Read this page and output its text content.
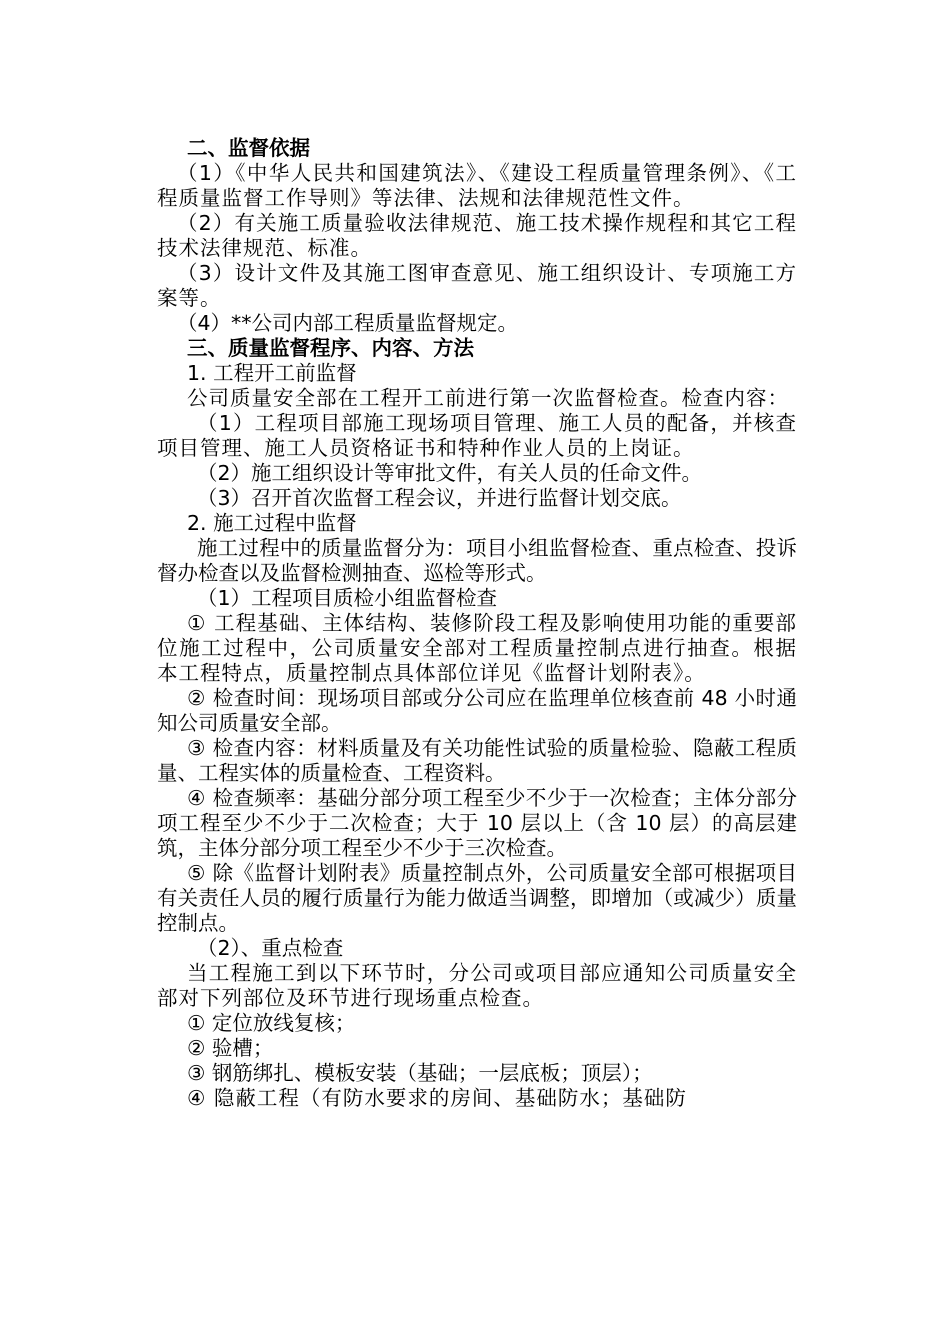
二、监督依据

（1）《中华人民共和国建筑法》、《建设工程质量管理条例》、《工程质量监督工作导则》等法律、法规和法律规范性文件。

（2）有关施工质量验收法律规范、施工技术操作规程和其它工程技术法律规范、标准。

（3）设计文件及其施工图审查意见、施工组织设计、专项施工方案等。

（4）**公司内部工程质量监督规定。

三、质量监督程序、内容、方法

1. 工程开工前监督

公司质量安全部在工程开工前进行第一次监督检查。检查内容：

（1）工程项目部施工现场项目管理、施工人员的配备，并核查项目管理、施工人员资格证书和特种作业人员的上岗证。

（2）施工组织设计等审批文件，有关人员的任命文件。

（3）召开首次监督工程会议，并进行监督计划交底。

2. 施工过程中监督

施工过程中的质量监督分为：项目小组监督检查、重点检查、投诉督办检查以及监督检测抽查、巡检等形式。

（1）工程项目质检小组监督检查

① 工程基础、主体结构、装修阶段工程及影响使用功能的重要部位施工过程中，公司质量安全部对工程质量控制点进行抽查。根据本工程特点，质量控制点具体部位详见《监督计划附表》。

② 检查时间：现场项目部或分公司应在监理单位核查前 48 小时通知公司质量安全部。

③ 检查内容：材料质量及有关功能性试验的质量检验、隐蔽工程质量、工程实体的质量检查、工程资料。

④ 检查频率：基础分部分项工程至少不少于一次检查；主体分部分项工程至少不少于二次检查；大于 10 层以上（含 10 层）的高层建筑，主体分部分项工程至少不少于三次检查。

⑤ 除《监督计划附表》质量控制点外，公司质量安全部可根据项目有关责任人员的履行质量行为能力做适当调整，即增加（或减少）质量控制点。

（2）、重点检查

当工程施工到以下环节时，分公司或项目部应通知公司质量安全部对下列部位及环节进行现场重点检查。

① 定位放线复核；

② 验槽；

③ 钢筋绑扎、模板安装（基础；一层底板；顶层）；

④ 隐蔽工程（有防水要求的房间、基础防水；基础防
